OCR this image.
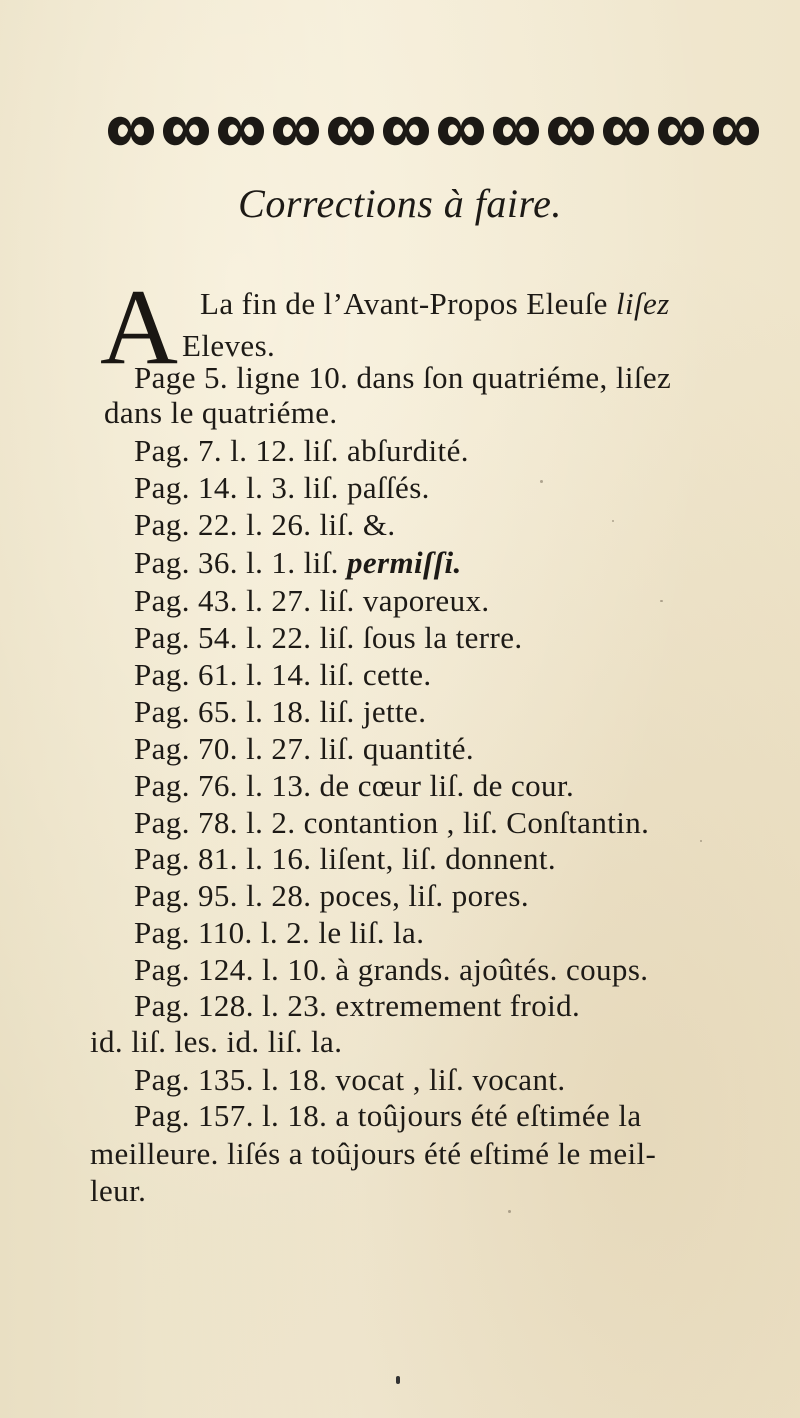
Corrections à faire.
A La fin de l’Avant-Propos Eleuſe liſez
Eleves.
Page 5. ligne 10. dans ſon quatriéme, liſez
dans le quatriéme.
Pag. 7. l. 12. liſ. abſurdité.
Pag. 14. l. 3. liſ. paſſés.
Pag. 22. l. 26. liſ. &.
Pag. 36. l. 1. liſ. permiſſi.
Pag. 43. l. 27. liſ. vaporeux.
Pag. 54. l. 22. liſ. ſous la terre.
Pag. 61. l. 14. liſ. cette.
Pag. 65. l. 18. liſ. jette.
Pag. 70. l. 27. liſ. quantité.
Pag. 76. l. 13. de cœur liſ. de cour.
Pag. 78. l. 2. contantion , liſ. Conſtantin.
Pag. 81. l. 16. liſent, liſ. donnent.
Pag. 95. l. 28. poces, liſ. pores.
Pag. 110. l. 2. le liſ. la.
Pag. 124. l. 10. à grands. ajoûtés. coups.
Pag. 128. l. 23. extremement froid.
id. liſ. les. id. liſ. la.
Pag. 135. l. 18. vocat , liſ. vocant.
Pag. 157. l. 18. a toûjours été eſtimée la
meilleure. liſés a toûjours été eſtimé le meil-
leur.
